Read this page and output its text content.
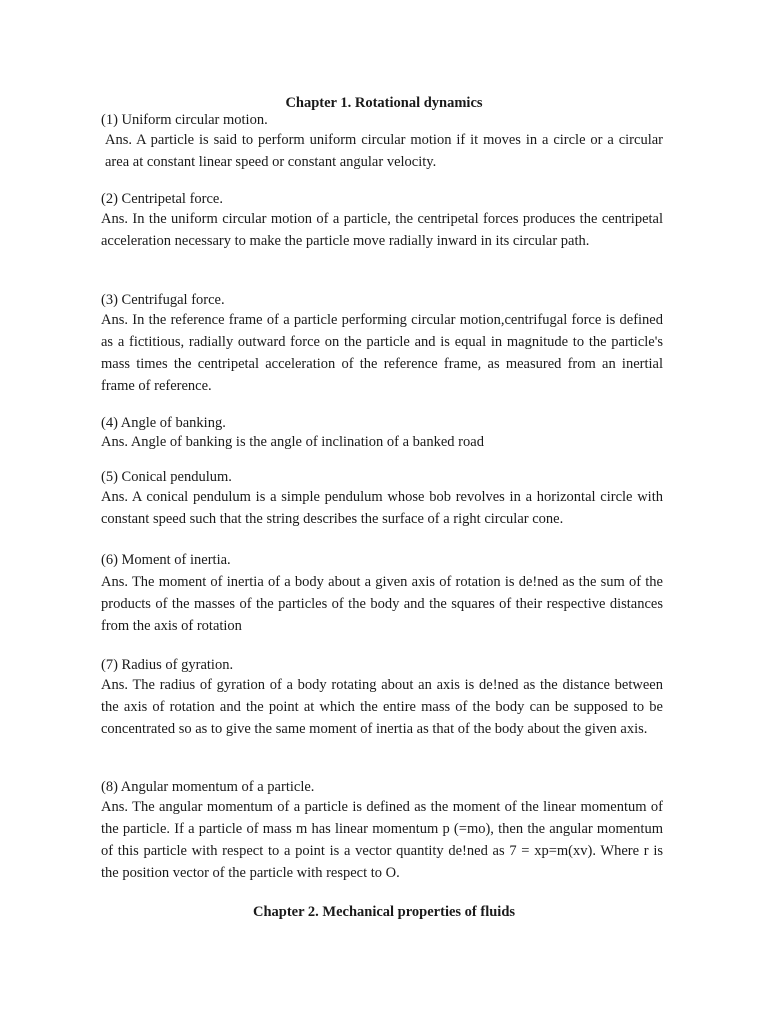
Chapter 1. Rotational dynamics

(1) Uniform circular motion.

Ans. A particle is said to perform uniform circular motion if it moves in a circle or a circular area at constant linear speed or constant angular velocity.

(2) Centripetal force.

Ans. In the uniform circular motion of a particle, the centripetal forces produces the centripetal acceleration necessary to make the particle move radially inward in its circular path.

(3) Centrifugal force.

Ans. In the reference frame of a particle performing circular motion,centrifugal force is defined as a fictitious, radially outward force on the particle and is equal in magnitude to the particle's mass times the centripetal acceleration of the reference frame, as measured from an inertial frame of reference.

(4) Angle of banking.

Ans. Angle of banking is the angle of inclination of a banked road

(5) Conical pendulum.

Ans. A conical pendulum is a simple pendulum whose bob revolves in a horizontal circle with constant speed such that the string describes the surface of a right circular cone.

(6) Moment of inertia.

Ans. The moment of inertia of a body about a given axis of rotation is de!ned as the sum of the products of the masses of the particles of the body and the squares of their respective distances from the axis of rotation

(7) Radius of gyration.

Ans. The radius of gyration of a body rotating about an axis is de!ned as the distance between the axis of rotation and the point at which the entire mass of the body can be supposed to be concentrated so as to give the same moment of inertia as that of the body about the given axis.

(8) Angular momentum of a particle.

Ans. The angular momentum of a particle is defined as the moment of the linear momentum of the particle. If a particle of mass m has linear momentum p (=mo), then the angular momentum of this particle with respect to a point is a vector quantity de!ned as 7 = xp=m(xv). Where r is the position vector of the particle with respect to O.

Chapter 2. Mechanical properties of fluids
